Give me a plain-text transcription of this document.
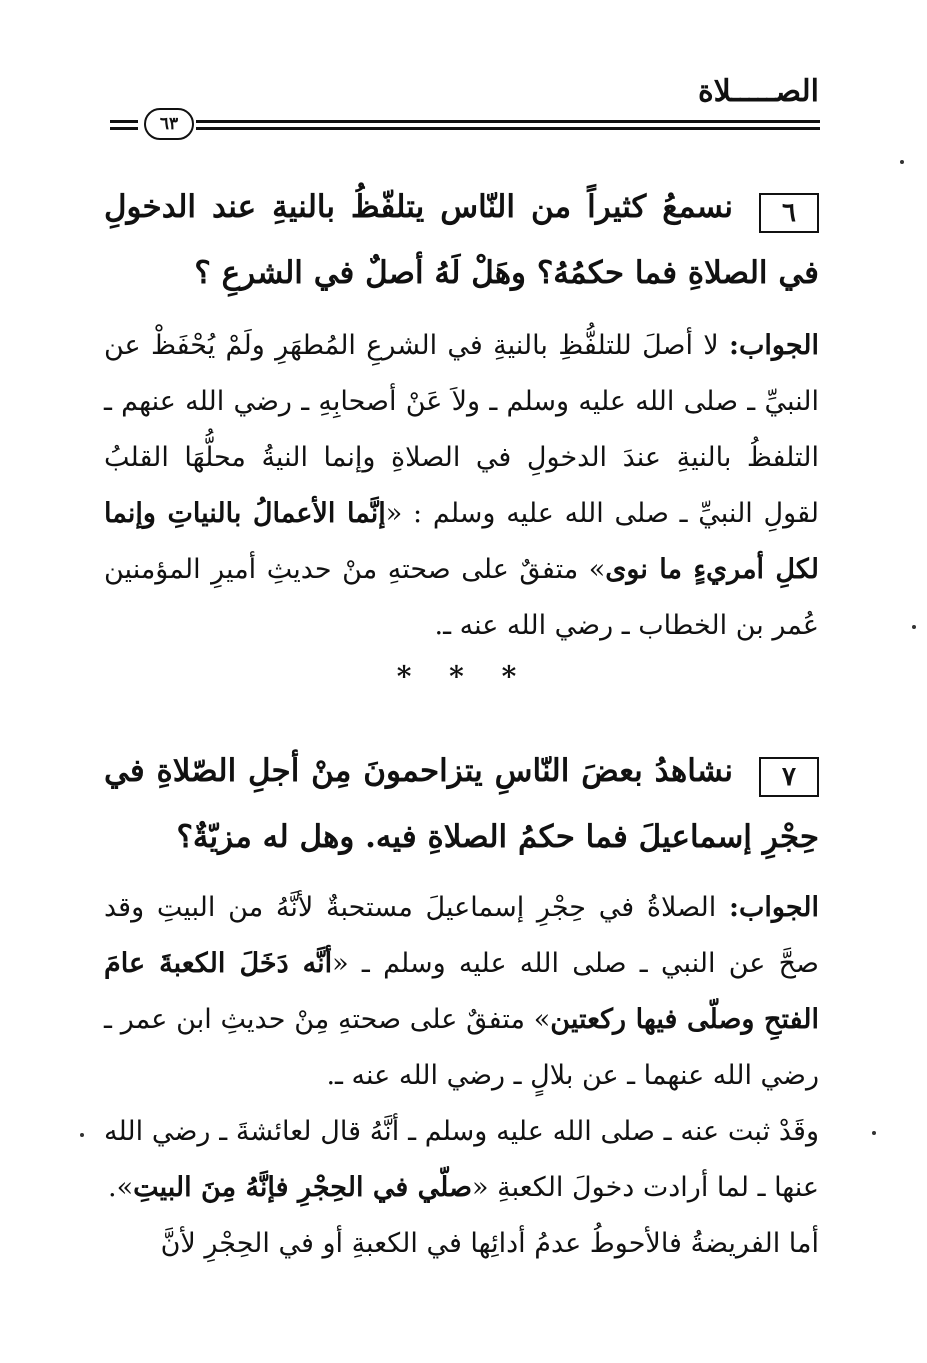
الصـــــلاة
٦٣
٦نسمعُ كثيراً من النّاس يتلفّظُ بالنيةِ عند الدخولِ في الصلاةِ فما حكمُهُ؟ وهَلْ لَهُ أصلٌ في الشرعِ ؟
الجواب: لا أصلَ للتلفُّظِ بالنيةِ في الشرعِ المُطهَرِ ولَمْ يُحْفَظْ عن النبيِّ ـ صلى الله عليه وسلم ـ ولاَ عَنْ أصحابِهِ ـ رضي الله عنهم ـ التلفظُ بالنيةِ عندَ الدخولِ في الصلاةِ وإنما النيةُ محلُّهَا القلبُ لقولِ النبيِّ ـ صلى الله عليه وسلم : «إنَّما الأعمالُ بالنياتِ وإنما لكلِ أمريءٍ ما نوى» متفقٌ على صحتهِ منْ حديثِ أميرِ المؤمنين عُمر بن الخطاب ـ رضي الله عنه ـ.
* * *
٧نشاهدُ بعضَ النّاسِ يتزاحمونَ مِنْ أجلِ الصّلاةِ في حِجْرِ إسماعيلَ فما حكمُ الصلاةِ فيه. وهل له مزيّةٌ؟
الجواب: الصلاةُ في حِجْرِ إسماعيلَ مستحبةٌ لأنَّهُ من البيتِ وقد صحَّ عن النبي ـ صلى الله عليه وسلم ـ «أنَّه دَخَلَ الكعبةَ عامَ الفتحِ وصلّى فيها ركعتين» متفقٌ على صحتهِ مِنْ حديثِ ابن عمر ـ رضي الله عنهما ـ عن بلالٍ ـ رضي الله عنه ـ.
وقَدْ ثبت عنه ـ صلى الله عليه وسلم ـ أنَّهُ قال لعائشةَ ـ رضي الله عنها ـ لما أرادت دخولَ الكعبةِ «صلّي في الحِجْرِ فإنَّهُ مِنَ البيتِ».
أما الفريضةُ فالأحوطُ عدمُ أدائِها في الكعبةِ أو في الحِجْرِ لأنَّ
